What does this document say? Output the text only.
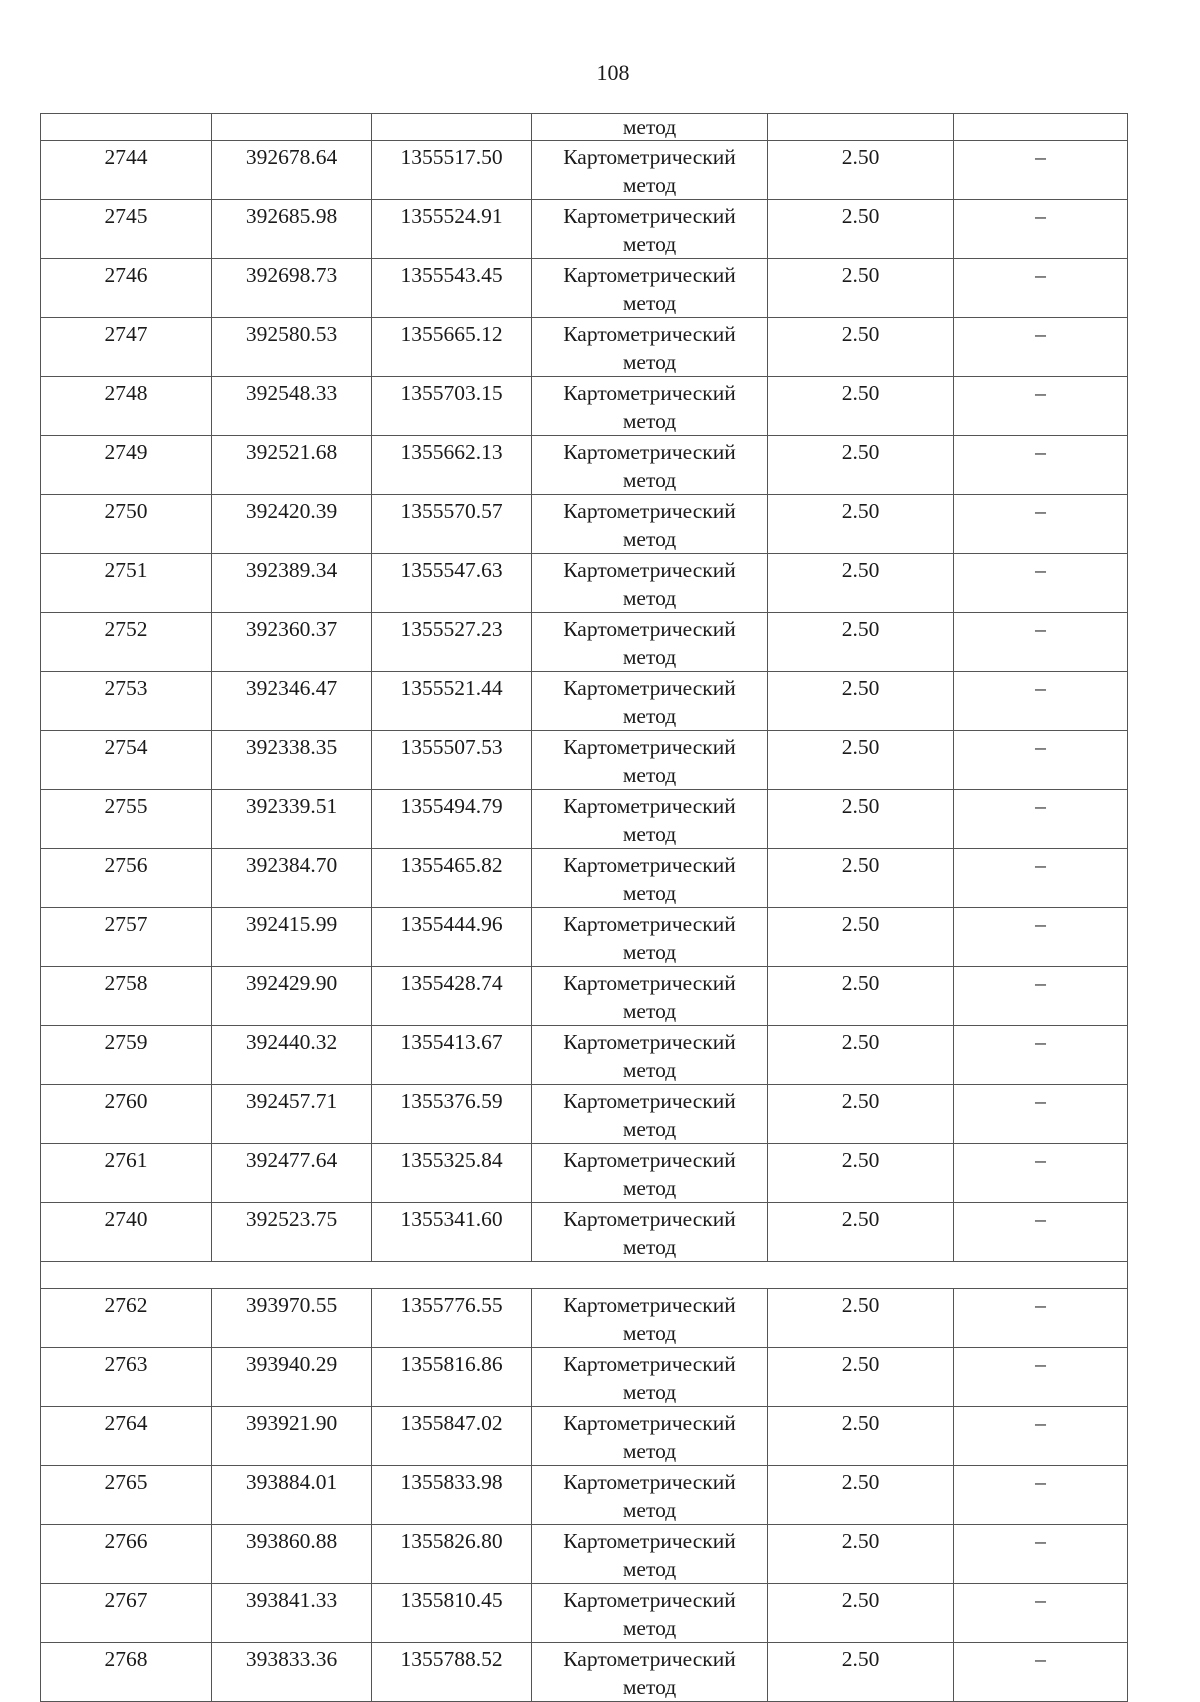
108

			метод		

2744	392678.64	1355517.50	Картометрический
метод	2.50	–
2745	392685.98	1355524.91	Картометрический
метод	2.50	–
2746	392698.73	1355543.45	Картометрический
метод	2.50	–
2747	392580.53	1355665.12	Картометрический
метод	2.50	–
2748	392548.33	1355703.15	Картометрический
метод	2.50	–
2749	392521.68	1355662.13	Картометрический
метод	2.50	–
2750	392420.39	1355570.57	Картометрический
метод	2.50	–
2751	392389.34	1355547.63	Картометрический
метод	2.50	–
2752	392360.37	1355527.23	Картометрический
метод	2.50	–
2753	392346.47	1355521.44	Картометрический
метод	2.50	–
2754	392338.35	1355507.53	Картометрический
метод	2.50	–
2755	392339.51	1355494.79	Картометрический
метод	2.50	–
2756	392384.70	1355465.82	Картометрический
метод	2.50	–
2757	392415.99	1355444.96	Картометрический
метод	2.50	–
2758	392429.90	1355428.74	Картометрический
метод	2.50	–
2759	392440.32	1355413.67	Картометрический
метод	2.50	–
2760	392457.71	1355376.59	Картометрический
метод	2.50	–
2761	392477.64	1355325.84	Картометрический
метод	2.50	–
2740	392523.75	1355341.60	Картометрический
метод	2.50	–

2762	393970.55	1355776.55	Картометрический
метод	2.50	–
2763	393940.29	1355816.86	Картометрический
метод	2.50	–
2764	393921.90	1355847.02	Картометрический
метод	2.50	–
2765	393884.01	1355833.98	Картометрический
метод	2.50	–
2766	393860.88	1355826.80	Картометрический
метод	2.50	–
2767	393841.33	1355810.45	Картометрический
метод	2.50	–
2768	393833.36	1355788.52	Картометрический
метод	2.50	–
